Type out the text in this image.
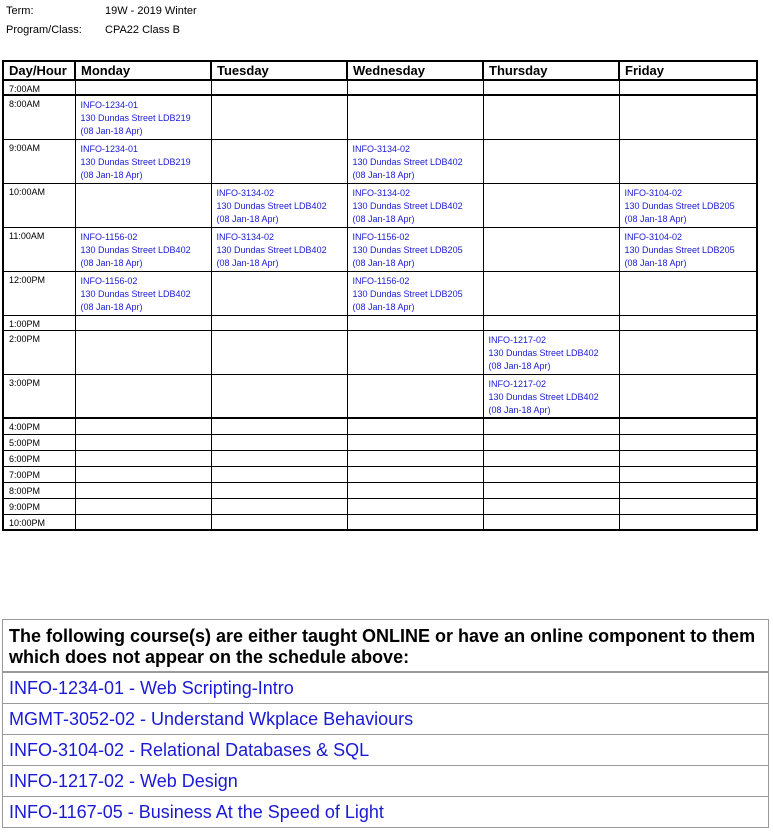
Term:	19W - 2019 Winter
Program/Class: CPA22 Class B
Day/Hour	Monday	Tuesday	Wednesday	Thursday	Friday
7:00AM					
8:00AM	INFO-1234-01
130 Dundas Street LDB219
(08 Jan-18 Apr)				
9:00AM	INFO-1234-01
130 Dundas Street LDB219
(08 Jan-18 Apr)		INFO-3134-02
130 Dundas Street LDB402
(08 Jan-18 Apr)		
10:00AM		INFO-3134-02
130 Dundas Street LDB402
(08 Jan-18 Apr)	INFO-3134-02
130 Dundas Street LDB402
(08 Jan-18 Apr)		INFO-3104-02
130 Dundas Street LDB205
(08 Jan-18 Apr)
11:00AM	INFO-1156-02
130 Dundas Street LDB402
(08 Jan-18 Apr)	INFO-3134-02
130 Dundas Street LDB402
(08 Jan-18 Apr)	INFO-1156-02
130 Dundas Street LDB205
(08 Jan-18 Apr)		INFO-3104-02
130 Dundas Street LDB205
(08 Jan-18 Apr)
12:00PM	INFO-1156-02
130 Dundas Street LDB402
(08 Jan-18 Apr)		INFO-1156-02
130 Dundas Street LDB205
(08 Jan-18 Apr)		
1:00PM					
2:00PM				INFO-1217-02
130 Dundas Street LDB402
(08 Jan-18 Apr)	
3:00PM				INFO-1217-02
130 Dundas Street LDB402
(08 Jan-18 Apr)	
4:00PM					
5:00PM					
6:00PM					
7:00PM					
8:00PM					
9:00PM					
10:00PM					
The following course(s) are either taught ONLINE or have an online component to them which does not appear on the schedule above:
INFO-1234-01 - Web Scripting-Intro
MGMT-3052-02 - Understand Wkplace Behaviours
INFO-3104-02 - Relational Databases & SQL
INFO-1217-02 - Web Design
INFO-1167-05 - Business At the Speed of Light
